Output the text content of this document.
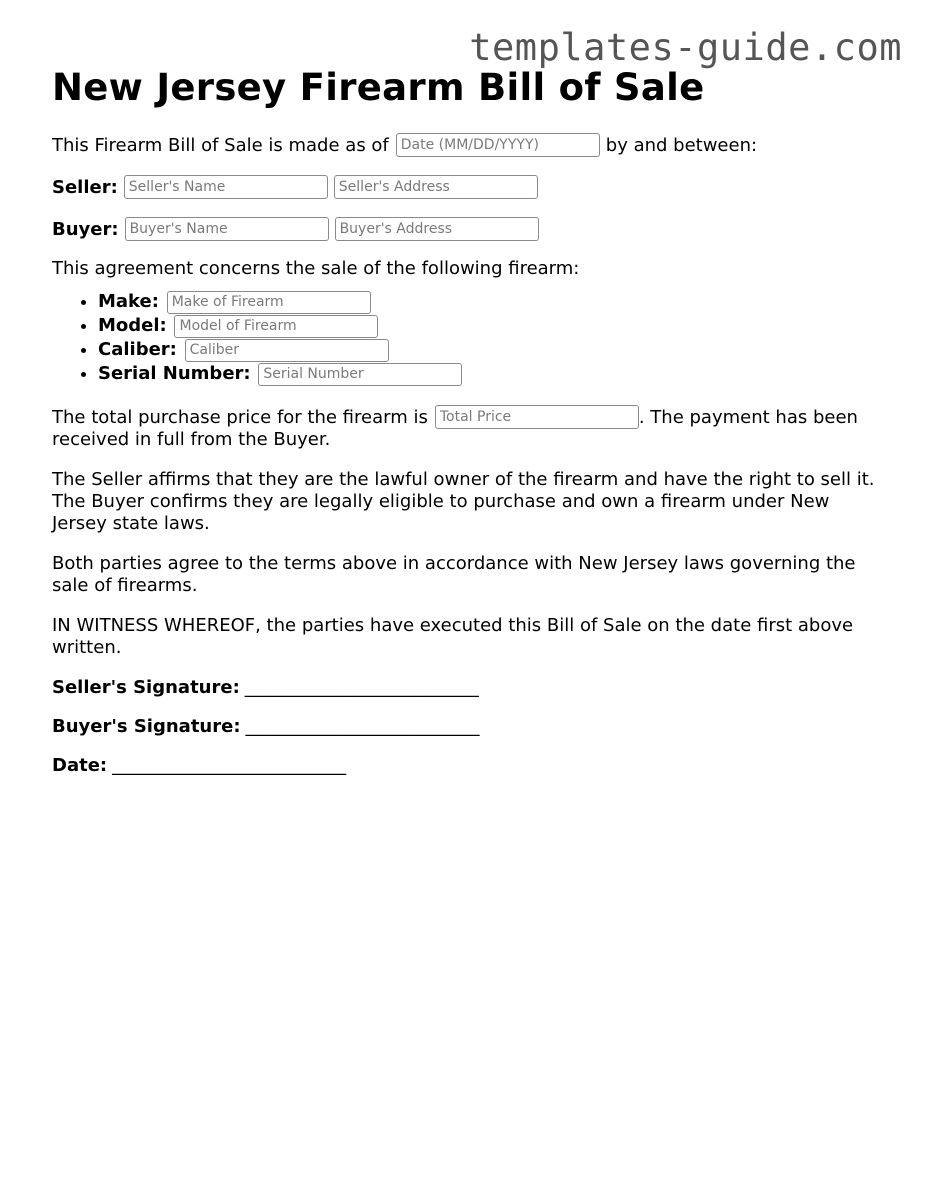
templates-guide.com
New Jersey Firearm Bill of Sale
This Firearm Bill of Sale is made as of
Date (MM/DD/YYYY)	by and between:
Seller:
Seller's Name
Seller's Address
Buyer:
Buyer's Name
Buyer's Address

This agreement concerns the sale of the following firearm:

• Make: Make of Firearm
• Model: Model of Firearm
• Caliber: Caliber
• Serial Number: Serial Number
The total purchase price for the firearm is
Total Price	. The payment has been

received in full from the Buyer.

The Seller affirms that they are the lawful owner of the firearm and have the right to sell it. The Buyer confirms they are legally eligible to purchase and own a firearm under New Jersey state laws.

Both parties agree to the terms above in accordance with New Jersey laws governing the sale of firearms.

IN WITNESS WHEREOF, the parties have executed this Bill of Sale on the date first above written.

Seller's Signature: __________________________
Buyer's Signature: __________________________
Date: __________________________
